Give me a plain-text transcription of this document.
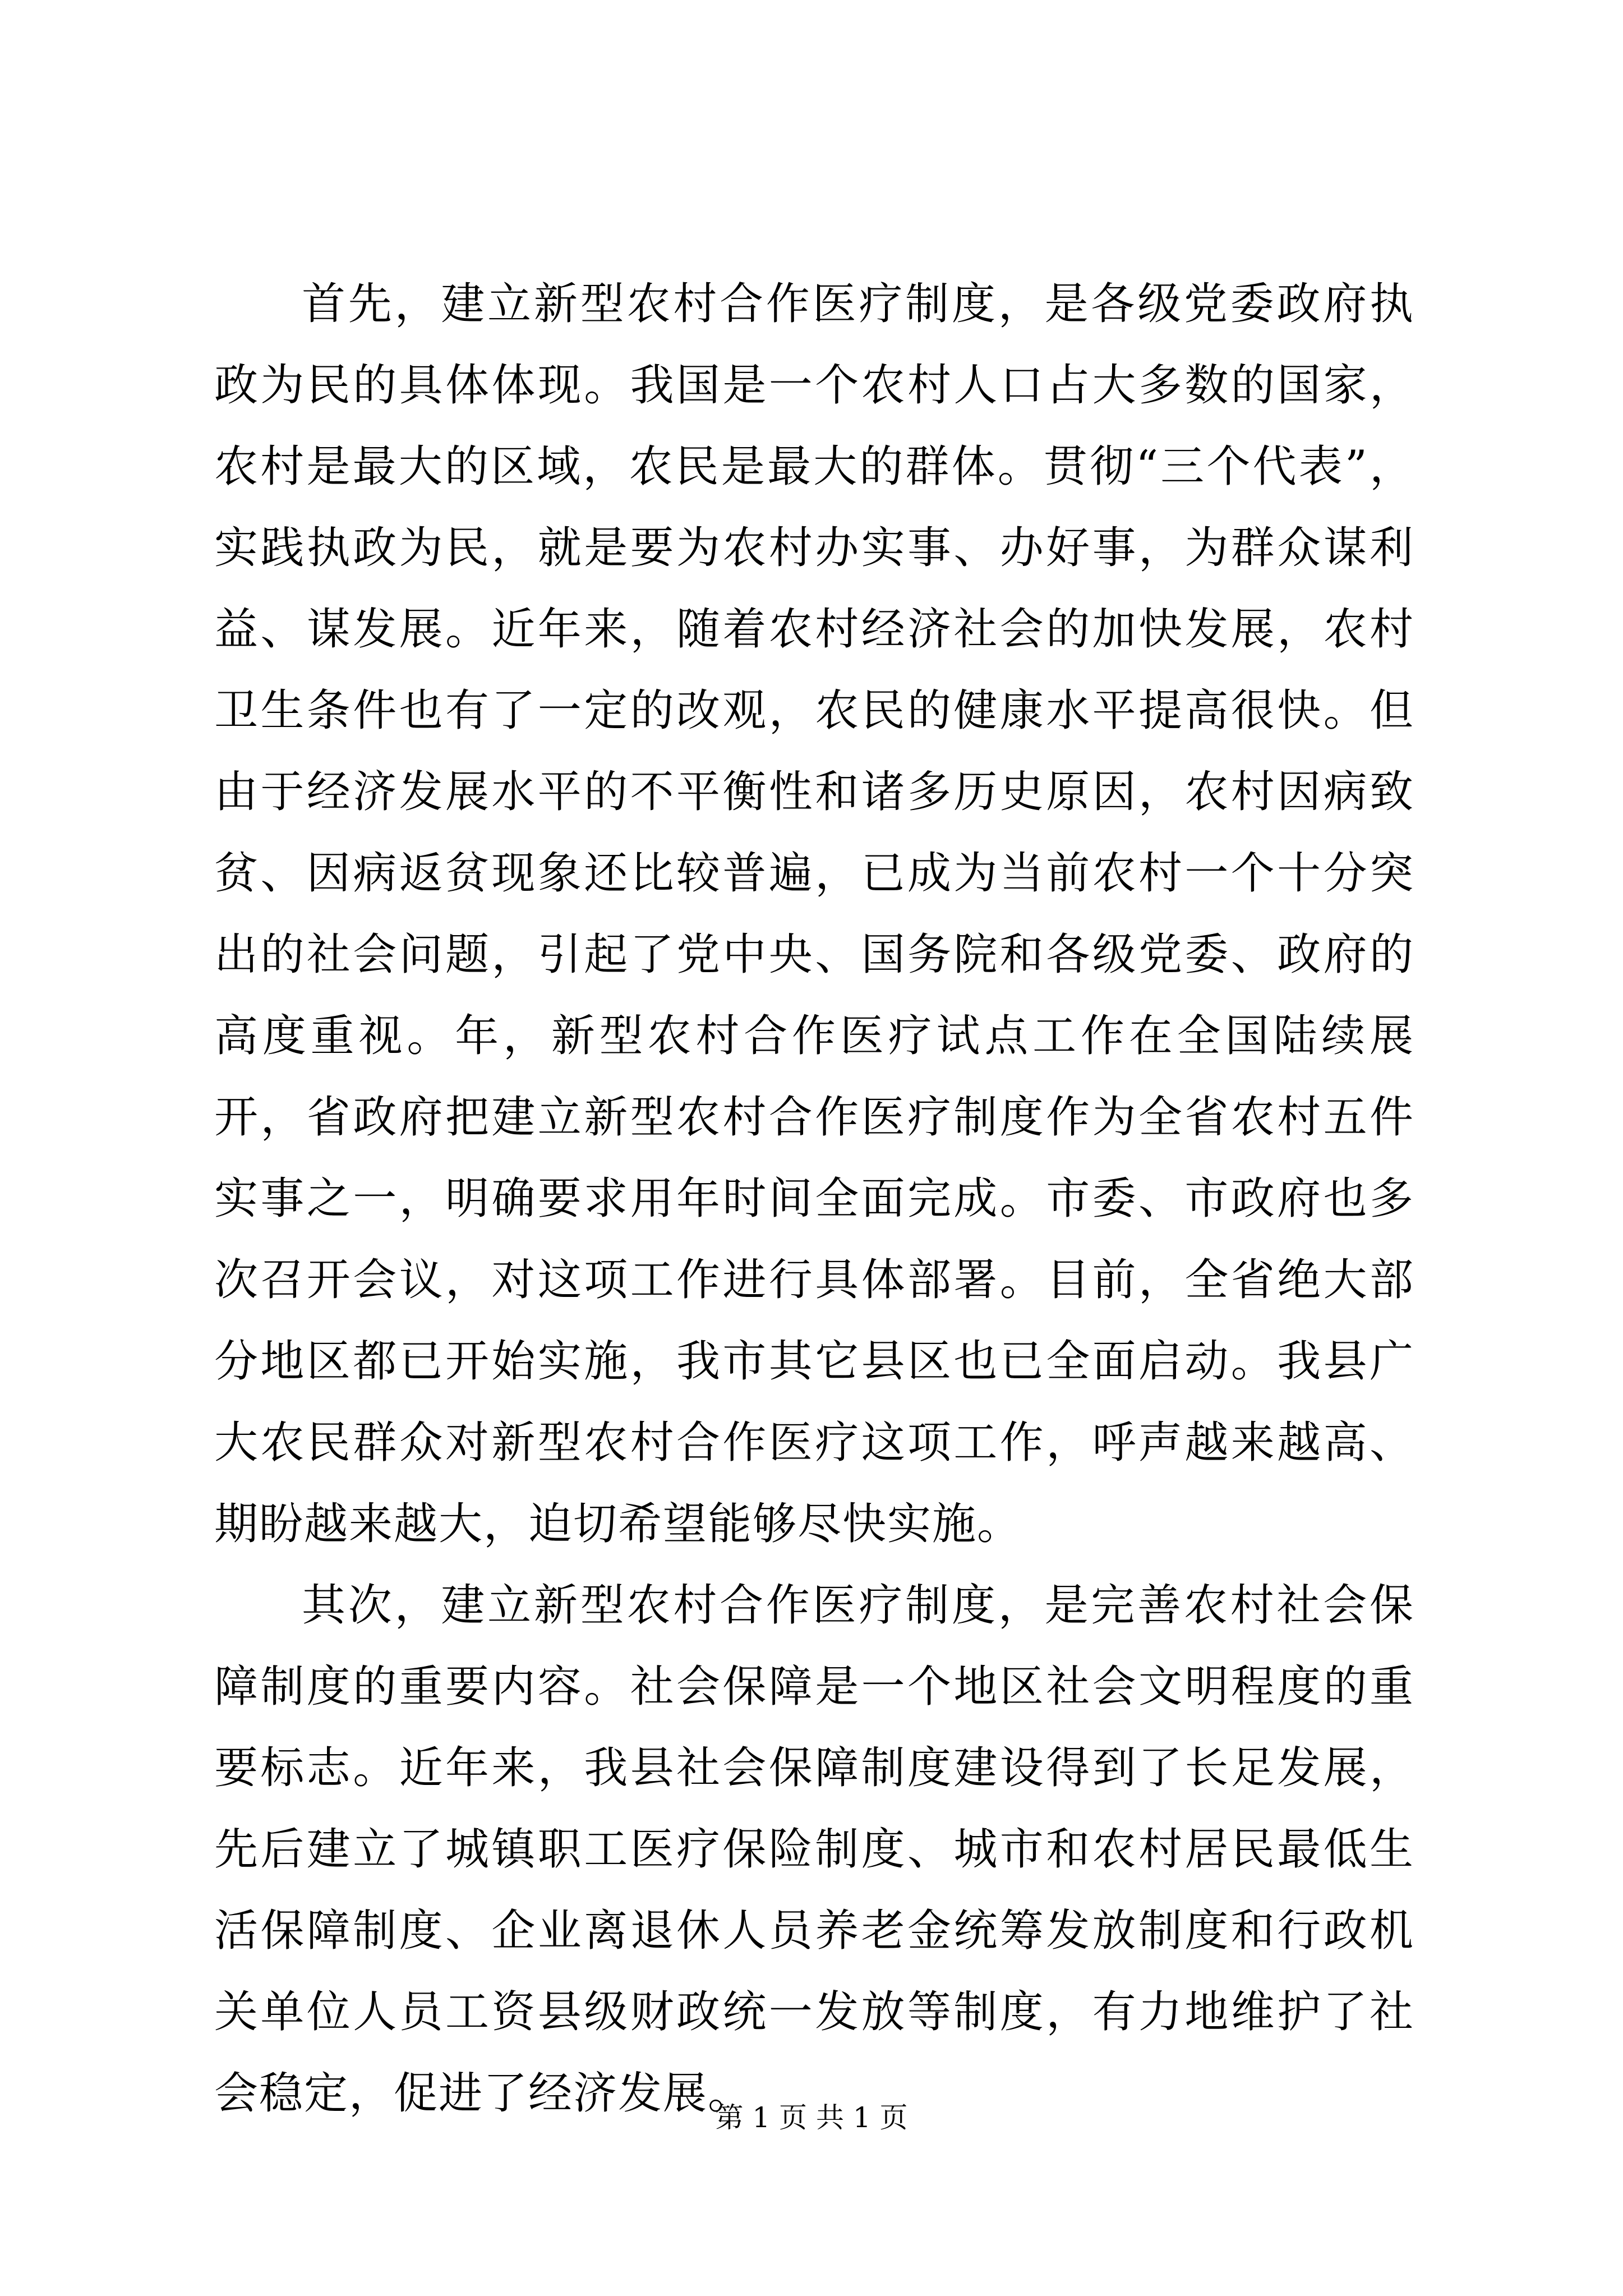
首先，建立新型农村合作医疗制度，是各级党委政府执政为民的具体体现。我国是一个农村人口占大多数的国家，农村是最大的区域，农民是最大的群体。贯彻“三个代表”，实践执政为民，就是要为农村办实事、办好事，为群众谋利益、谋发展。近年来，随着农村经济社会的加快发展，农村卫生条件也有了一定的改观，农民的健康水平提高很快。但由于经济发展水平的不平衡性和诸多历史原因，农村因病致贫、因病返贫现象还比较普遍，已成为当前农村一个十分突出的社会问题，引起了党中央、国务院和各级党委、政府的高度重视。年，新型农村合作医疗试点工作在全国陆续展开，省政府把建立新型农村合作医疗制度作为全省农村五件实事之一，明确要求用年时间全面完成。市委、市政府也多次召开会议，对这项工作进行具体部署。目前，全省绝大部分地区都已开始实施，我市其它县区也已全面启动。我县广大农民群众对新型农村合作医疗这项工作，呼声越来越高、期盼越来越大，迫切希望能够尽快实施。

其次，建立新型农村合作医疗制度，是完善农村社会保障制度的重要内容。社会保障是一个地区社会文明程度的重要标志。近年来，我县社会保障制度建设得到了长足发展，先后建立了城镇职工医疗保险制度、城市和农村居民最低生活保障制度、企业离退休人员养老金统筹发放制度和行政机关单位人员工资县级财政统一发放等制度，有力地维护了社会稳定，促进了经济发展。

第 1 页 共 1 页
